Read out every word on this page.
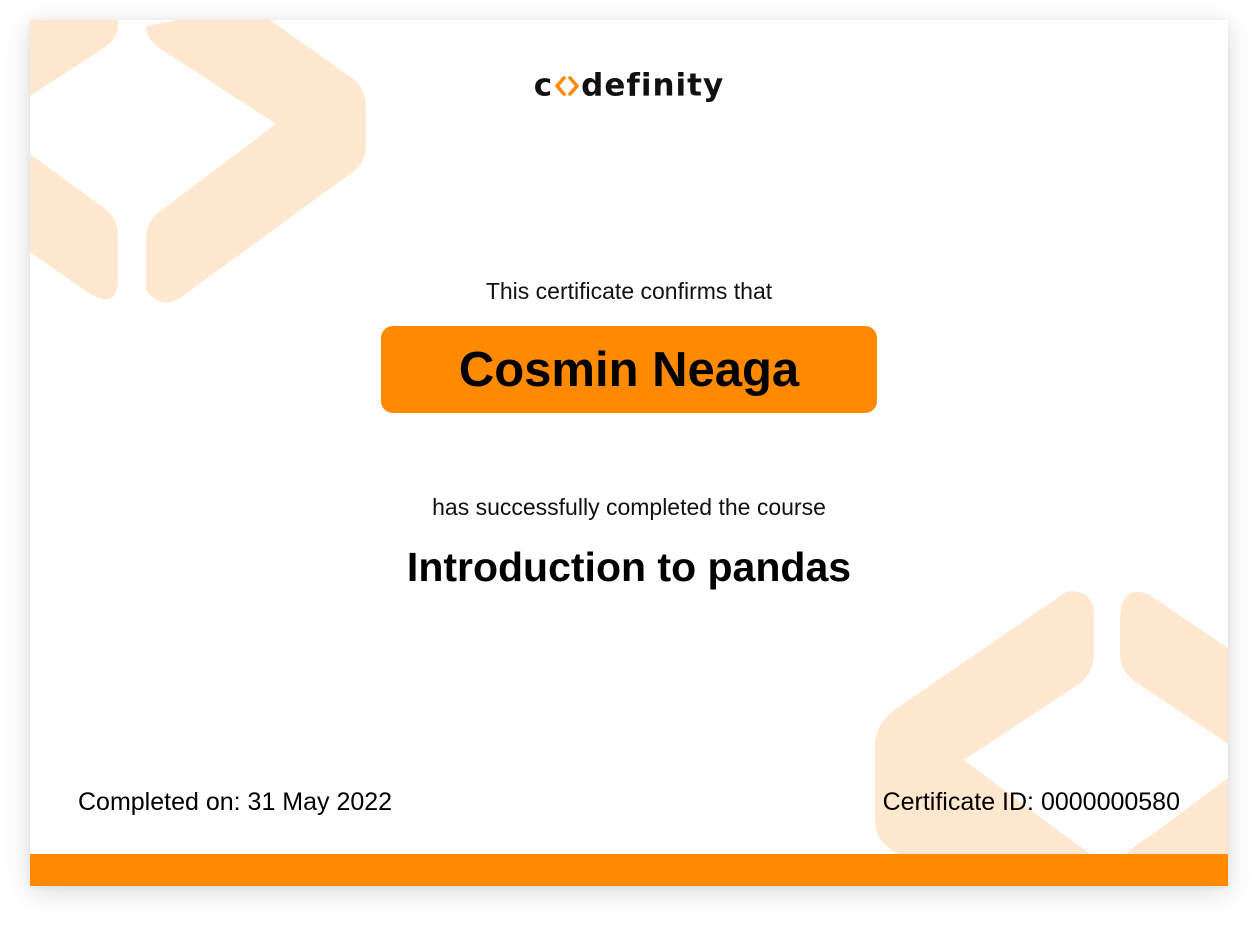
c definity
This certificate confirms that
Cosmin Neaga
has successfully completed the course
Introduction to pandas
Completed on: 31 May 2022	Certificate ID: 0000000580
